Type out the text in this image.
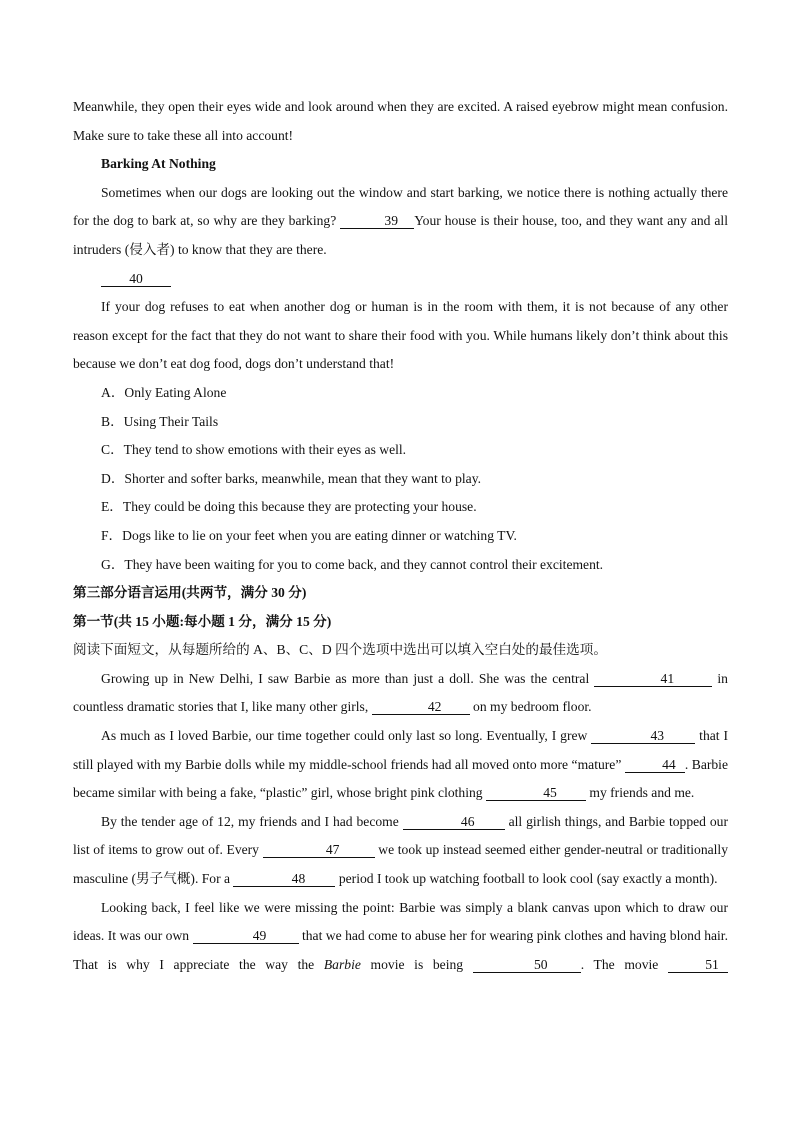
Meanwhile, they open their eyes wide and look around when they are excited. A raised eyebrow might mean confusion. Make sure to take these all into account!

Barking At Nothing

Sometimes when our dogs are looking out the window and start barking, we notice there is nothing actually there for the dog to bark at, so why are they barking?	39 Your house is their house, too, and they want any and all intruders (侵入者) to know that they are there.

40

If your dog refuses to eat when another dog or human is in the room with them, it is not because of any other reason except for the fact that they do not want to share their food with you. While humans likely don’t think about this because we don’t eat dog food, dogs don’t understand that!

A．Only Eating Alone

B．Using Their Tails

C．They tend to show emotions with their eyes as well.

D．Shorter and softer barks, meanwhile, mean that they want to play.

E．They could be doing this because they are protecting your house.

F．Dogs like to lie on your feet when you are eating dinner or watching TV.

G．They have been waiting for you to come back, and they cannot control their excitement.

第三部分语言运用(共两节，满分 30 分)

第一节(共 15 小题:每小题 1 分，满分 15 分)

阅读下面短文，从每题所给的 A、B、C、D 四个选项中选出可以填入空白处的最佳选项。

Growing up in New Delhi, I saw Barbie as more than just a doll. She was the central	41	in countless dramatic stories that I, like many other girls,	42 on my bedroom floor.

As much as I loved Barbie, our time together could only last so long. Eventually, I grew	43 that I still played with my Barbie dolls while my middle-school friends had all moved onto more “mature”	44 . Barbie became similar with being a fake, “plastic” girl, whose bright pink clothing	45 my friends and me.

By the tender age of 12, my friends and I had become	46 all girlish things, and Barbie topped our list of items to grow out of. Every	47	we took up instead seemed either gender-neutral or traditionally masculine (男子气概). For a	48 period I took up watching football to look cool (say exactly a month).

Looking back, I feel like we were missing the point: Barbie was simply a blank canvas upon which to draw our ideas. It was our own	49 that we had come to abuse her for wearing pink clothes and having blond hair. That is why I appreciate the way the Barbie movie is being	50 . The movie	51
